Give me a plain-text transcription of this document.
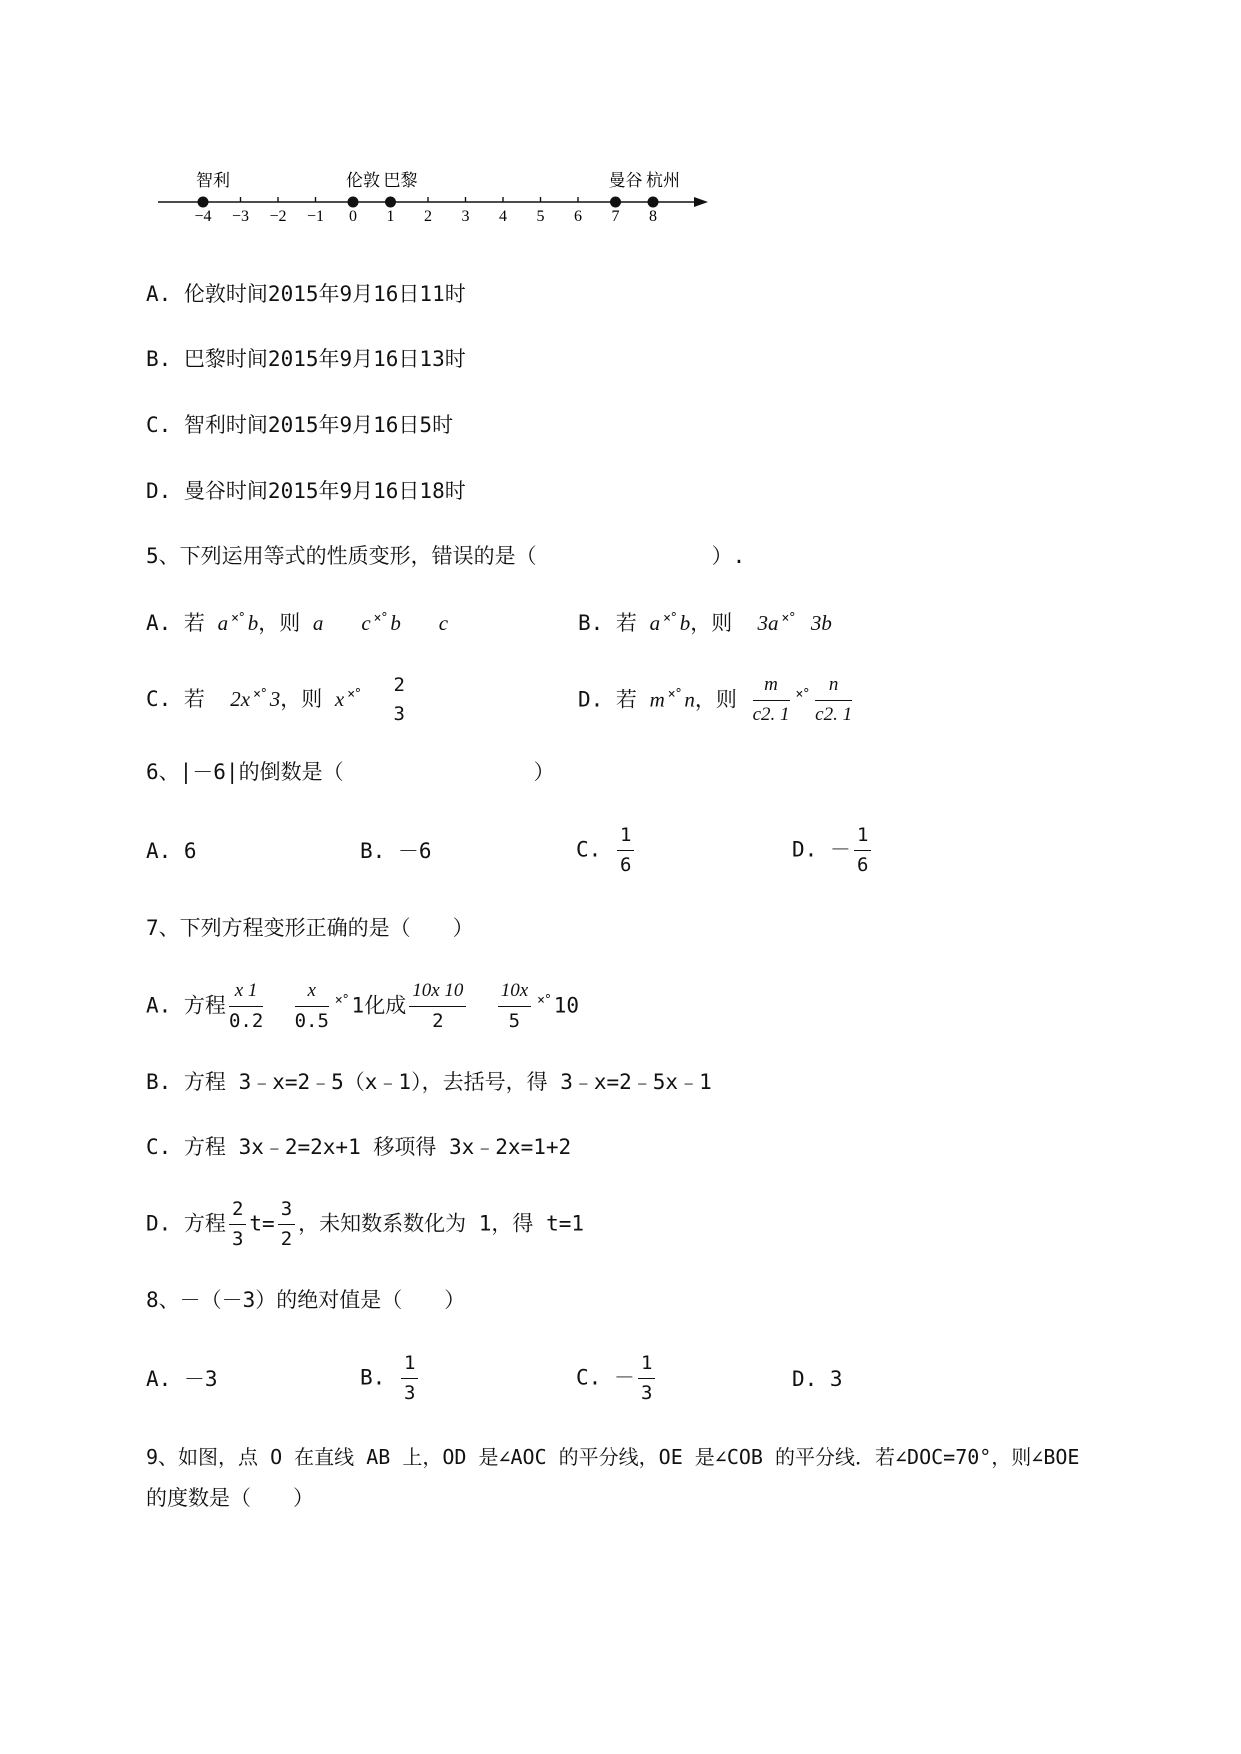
−4 −3 −2 −1 0 1 2 3 4 5 6 7 8
智利	伦敦 巴黎	曼谷 杭州
A. 伦敦时间2015年9月16日11时
B. 巴黎时间2015年9月16日13时
C. 智利时间2015年9月16日5时
D. 曼谷时间2015年9月16日18时
5、下列运用等式的性质变形，错误的是（	）.
A. 若 a ×° b，则 a c ×° b c	B. 若 a ×° b，则 3a ×° 3b
C. 若 2x ×° 3，则 x ×° 2
3
D. 若 m ×° n，则 $\frac{m}{c2. 1} ^{\times^\circ} \frac{n}{c2. 1}$
6、|－6|的倒数是（	）
A. 6	B. －6	C. $\frac{1}{6}$	D. － $\frac{1}{6}$
7、下列方程变形正确的是（　　）
A. 方程 $\frac{x 1}{0.2}$
$\frac{x}{0.5} ^{\times^\circ}$ 1化成 $\frac{10x 10}{2}$
$\frac{10x}{5} ^{\times^\circ}$ 10
B. 方程 3﹣x=2﹣5（x﹣1），去括号，得 3﹣x=2﹣5x﹣1
C. 方程 3x﹣2=2x+1 移项得 3x﹣2x=1+2
D. 方程 $\frac{2}{3} t= \frac{3}{2}$ ，未知数系数化为 1，得 t=1
8、－（－3）的绝对值是（　　）
A. －3	B. $\frac{1}{3}$	C. － $\frac{1}{3}$	D. 3
9、如图，点 O 在直线 AB 上，OD 是∠AOC 的平分线，OE 是∠COB 的平分线．若∠DOC=70°，则∠BOE
的度数是（　　）
